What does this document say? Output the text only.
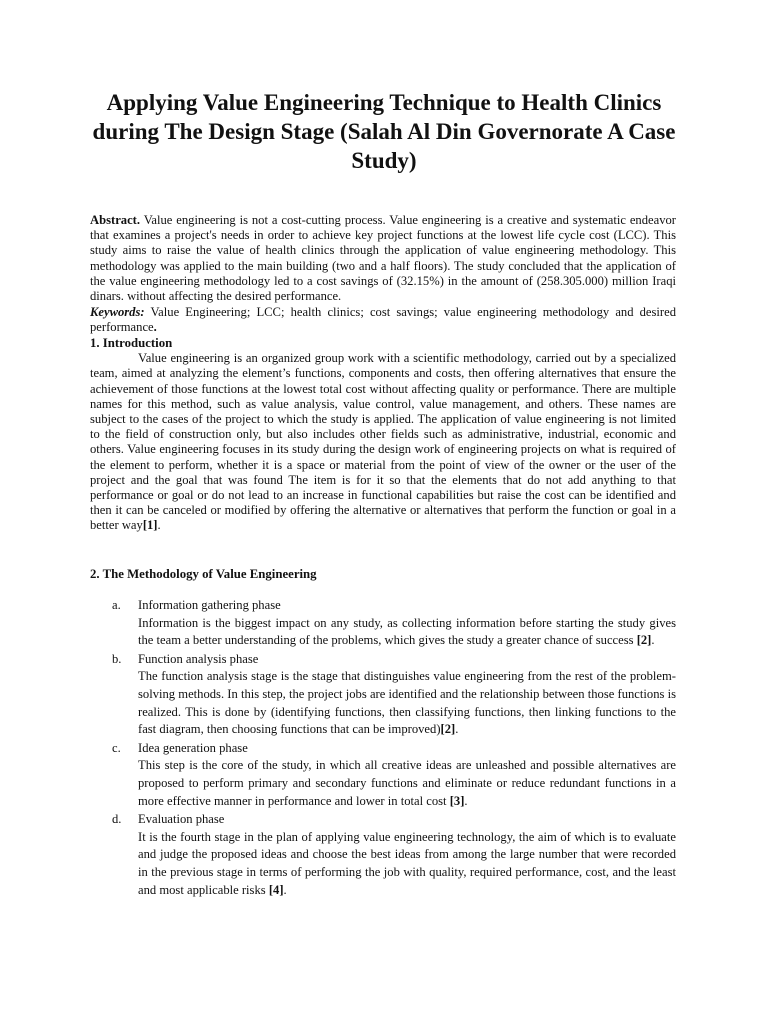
Applying Value Engineering Technique to Health Clinics during The Design Stage (Salah Al Din Governorate A Case Study)

Abstract. Value engineering is not a cost-cutting process. Value engineering is a creative and systematic endeavor that examines a project's needs in order to achieve key project functions at the lowest life cycle cost (LCC). This study aims to raise the value of health clinics through the application of value engineering methodology. This methodology was applied to the main building (two and a half floors). The study concluded that the application of the value engineering methodology led to a cost savings of (32.15%) in the amount of (258.305.000) million Iraqi dinars. without affecting the desired performance.

Keywords: Value Engineering; LCC; health clinics; cost savings; value engineering methodology and desired performance.

1. Introduction

Value engineering is an organized group work with a scientific methodology, carried out by a specialized team, aimed at analyzing the element’s functions, components and costs, then offering alternatives that ensure the achievement of those functions at the lowest total cost without affecting quality or performance. There are multiple names for this method, such as value analysis, value control, value management, and others. These names are subject to the cases of the project to which the study is applied. The application of value engineering is not limited to the field of construction only, but also includes other fields such as administrative, industrial, economic and others. Value engineering focuses in its study during the design work of engineering projects on what is required of the element to perform, whether it is a space or material from the point of view of the owner or the user of the project and the goal that was found The item is for it so that the elements that do not add anything to that performance or goal or do not lead to an increase in functional capabilities but raise the cost can be identified and then it can be canceled or modified by offering the alternative or alternatives that perform the function or goal in a better way[1].

2. The Methodology of Value Engineering
a.	Information gathering phase
Information is the biggest impact on any study, as collecting information before starting the study gives the team a better understanding of the problems, which gives the study a greater chance of success [2].
b.	Function analysis phase
The function analysis stage is the stage that distinguishes value engineering from the rest of the problem-solving methods. In this step, the project jobs are identified and the relationship between those functions is realized. This is done by (identifying functions, then classifying functions, then linking functions to the fast diagram, then choosing functions that can be improved)[2].
c.	Idea generation phase
This step is the core of the study, in which all creative ideas are unleashed and possible alternatives are proposed to perform primary and secondary functions and eliminate or reduce redundant functions in a more effective manner in performance and lower in total cost [3].
d.	Evaluation phase
It is the fourth stage in the plan of applying value engineering technology, the aim of which is to evaluate and judge the proposed ideas and choose the best ideas from among the large number that were recorded in the previous stage in terms of performing the job with quality, required performance, cost, and the least and most applicable risks [4].
